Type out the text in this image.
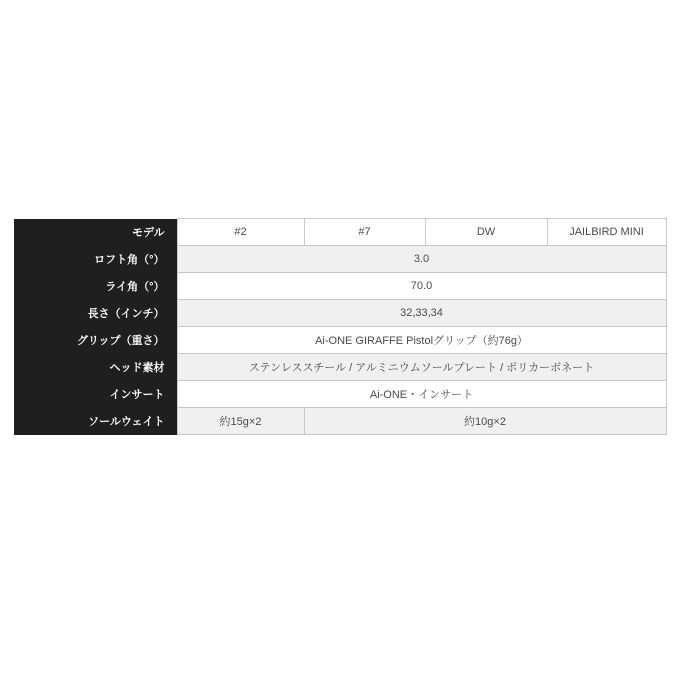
モデル	#2	#7	DW	JAILBIRD MINI
ロフト角（°）	3.0			
ライ角（°）	70.0			
長さ（インチ）	32,33,34			
グリップ（重さ）	Ai-ONE GIRAFFE Pistolグリップ（約76g）			
ヘッド素材	ステンレススチール / アルミニウムソールプレート / ポリカーボネート			
インサート	Ai-ONE・インサート			
ソールウェイト	約15g×2	約10g×2		
